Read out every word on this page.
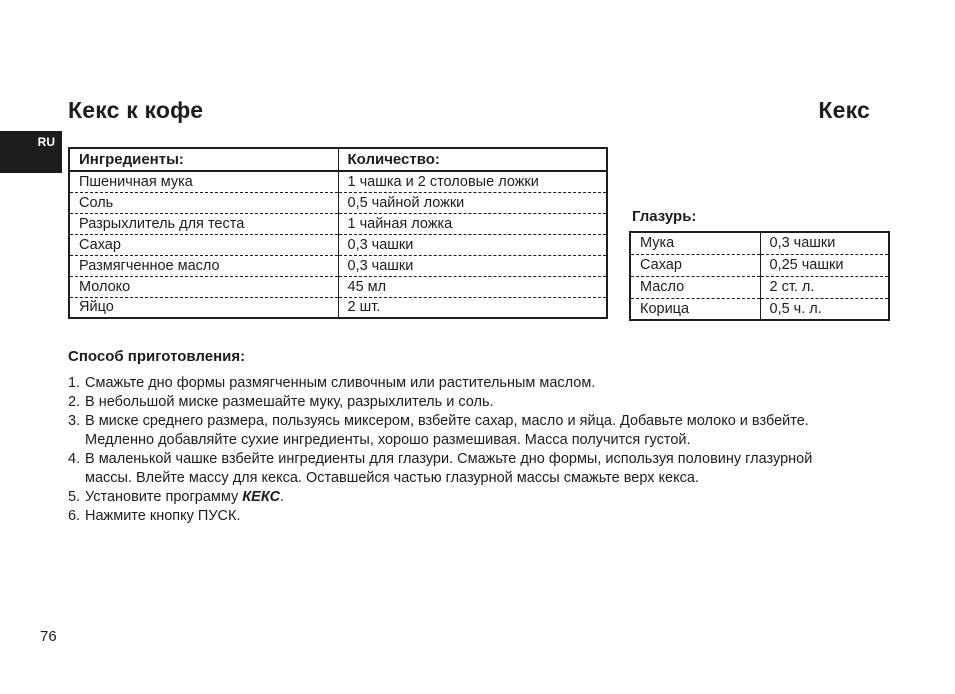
Кекс к кофе	Кекс
RU
Ингредиенты:	Количество:
Пшеничная мука	1 чашка и 2 столовые ложки
Соль	0,5 чайной ложки
Разрыхлитель для теста	1 чайная ложка
Сахар	0,3 чашки
Размягченное масло	0,3 чашки
Молоко	45 мл
Яйцо	2 шт.
Глазурь:
Мука	0,3 чашки
Сахар	0,25 чашки
Масло	2 ст. л.
Корица	0,5 ч. л.
Способ приготовления:
1. Смажьте дно формы размягченным сливочным или растительным маслом.
2. В небольшой миске размешайте муку, разрыхлитель и соль.
3. В миске среднего размера, пользуясь миксером, взбейте сахар, масло и яйца. Добавьте молоко и взбейте.
Медленно добавляйте сухие ингредиенты, хорошо размешивая. Масса получится густой.
4. В маленькой чашке взбейте ингредиенты для глазури. Смажьте дно формы, используя половину глазурной
массы. Влейте массу для кекса. Оставшейся частью глазурной массы смажьте верх кекса.
5. Установите программу КЕКС.
6. Нажмите кнопку ПУСК.
76
